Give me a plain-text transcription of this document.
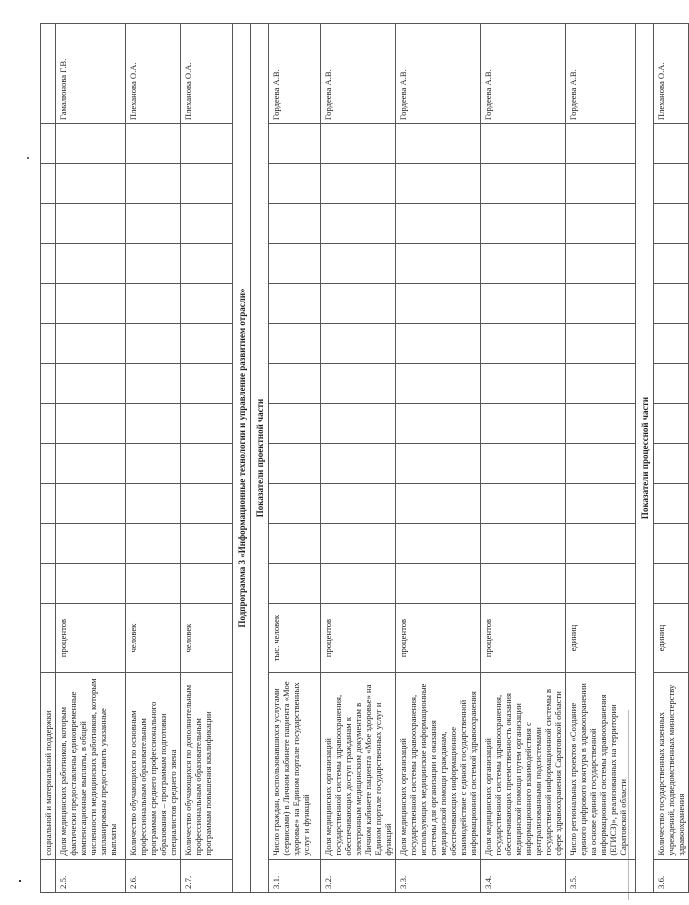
	социальной и материальной поддержки														
2.5.	Доля медицинских работников, которым фактически предоставлены единовременные компенсационные выплаты, в общей численности медицинских работников, которым запланированы предоставить указанные выплаты	процентов													Гамалюнова Г.В.
2.6.	Количество обучающихся по основным профессиональным образовательным программам среднего профессионального образования – программам подготовки специалистов среднего звена	человек													Плеханова О.А.
2.7.	Количество обучающихся по дополнительным профессиональным образовательным программам повышения квалификации	человек													Плеханова О.А.
Подпрограмма 3 «Информационные технологии и управление развитием отрасли»															
Показатели проектной части															
3.1.	Число граждан, воспользовавшихся услугами (сервисами) в Личном кабинете пациента «Мое здоровье» на Едином портале государственных услуг и функций	тыс. человек													Гордеева А.В.
3.2.	Доля медицинских организаций государственной системы здравоохранения, обеспечивающих доступ гражданам к электронным медицинским документам в Личном кабинете пациента «Мое здоровье» на Едином портале государственных услуг и функций	процентов													Гордеева А.В.
3.3.	Доля медицинских организаций государственной системы здравоохранения, использующих медицинские информационные системы для организации и оказания медицинской помощи гражданам, обеспечивающих информационное взаимодействие с единой государственной информационной системой здравоохранения	процентов													Гордеева А.В.
3.4.	Доля медицинских организаций государственной системы здравоохранения, обеспечивающих преемственность оказания медицинской помощи путем организации информационного взаимодействия с централизованными подсистемами государственной информационной системы в сфере здравоохранения Саратовской области	процентов													Гордеева А.В.
3.5.	Число региональных проектов «Создание единого цифрового контура в здравоохранении на основе единой государственной информационной системы здравоохранения (ЕГИСЗ)», реализованных на территории Саратовской области	единиц													Гордеева А.В.
Показатели процессной части															
3.6.	Количество государственных казенных учреждений, подведомственных министерству здравоохранения	единиц													Плеханова О.А.
